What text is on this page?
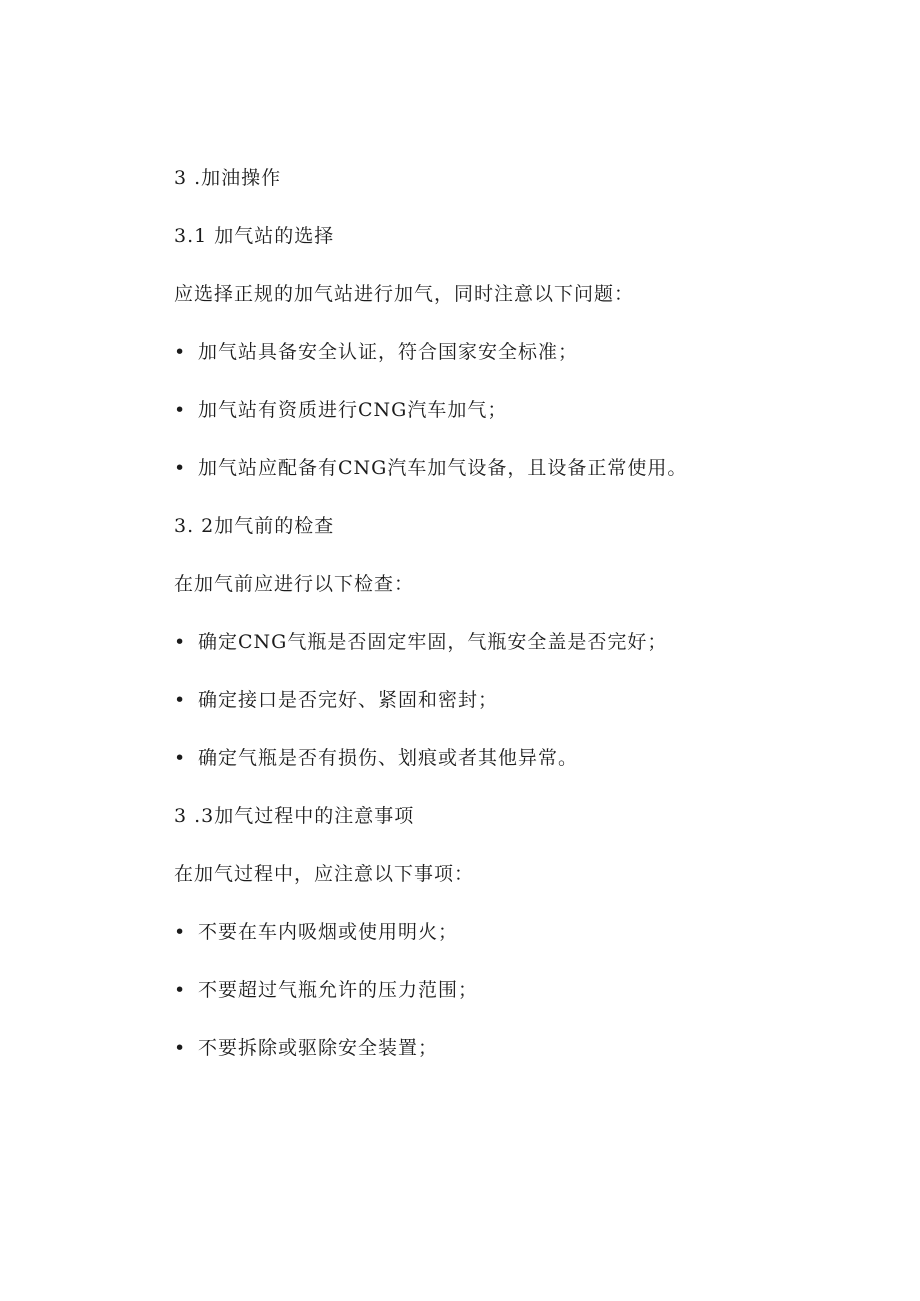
3 .加油操作

3.1 加气站的选择

应选择正规的加气站进行加气，同时注意以下问题：

• 加气站具备安全认证，符合国家安全标准；
• 加气站有资质进行CNG汽车加气；
• 加气站应配备有CNG汽车加气设备，且设备正常使用。

3. 2加气前的检查

在加气前应进行以下检查：

• 确定CNG气瓶是否固定牢固，气瓶安全盖是否完好；
• 确定接口是否完好、紧固和密封；
• 确定气瓶是否有损伤、划痕或者其他异常。

3 .3加气过程中的注意事项

在加气过程中，应注意以下事项：

• 不要在车内吸烟或使用明火；
• 不要超过气瓶允许的压力范围；
• 不要拆除或驱除安全装置；
